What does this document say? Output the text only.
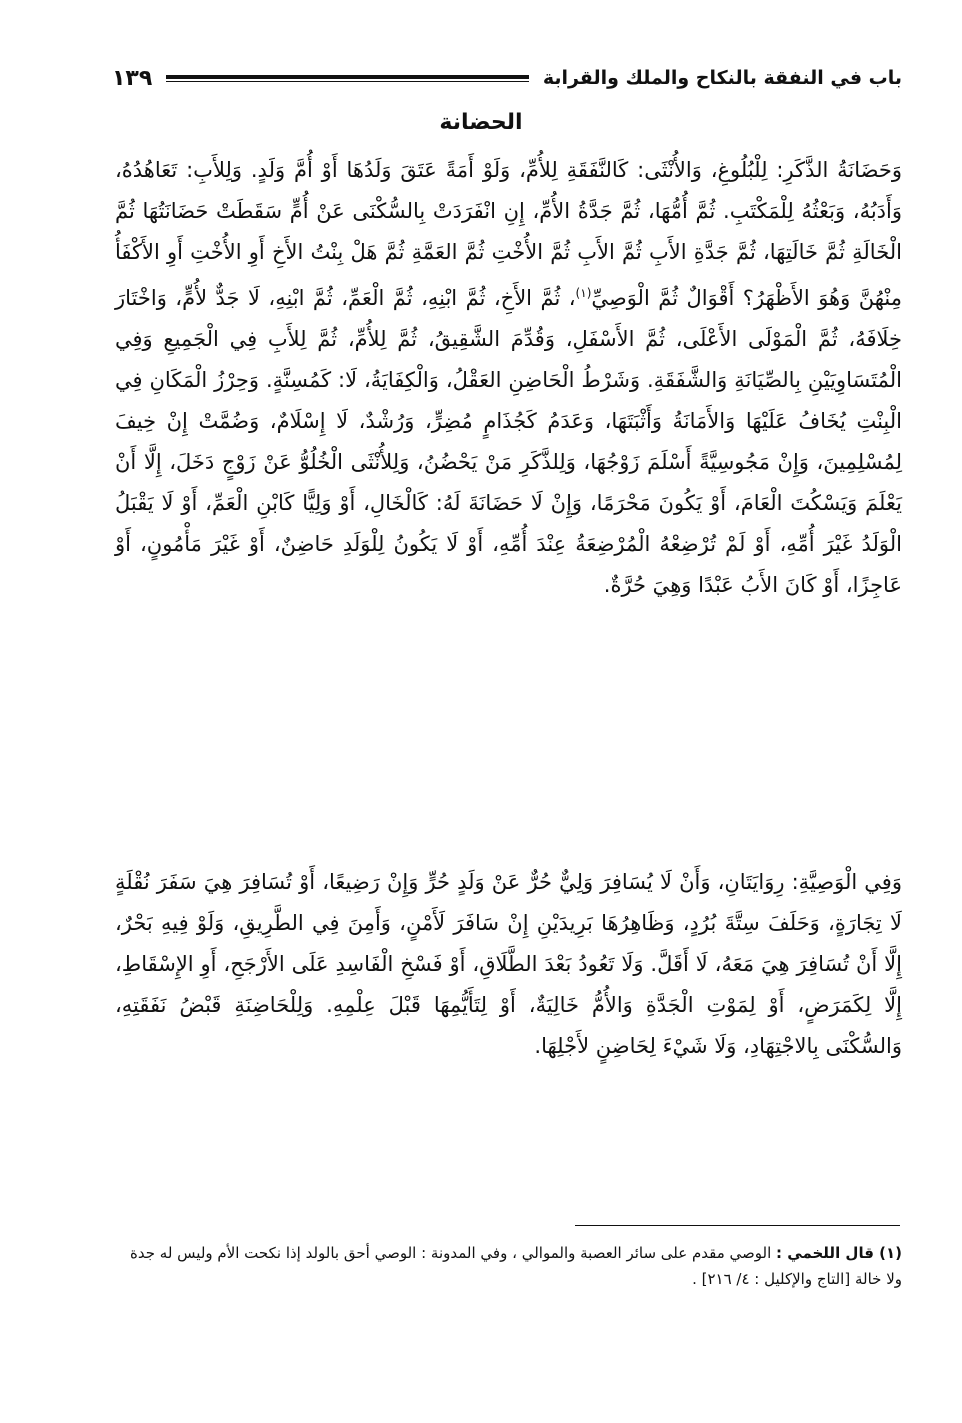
باب في النفقة بالنكاح والملك والقرابة
١٣٩
الحضانة

وَحَضَانَةُ الذَّكَرِ: لِلْبُلُوغِ، وَالأُنْثَى: كَالنَّفَقَةِ لِلأُمِّ، وَلَوْ أَمَةً عَتَقَ وَلَدُهَا أَوْ أُمَّ وَلَدٍ. وَلِلأَبِ: تَعَاهُدُهُ، وَأَدَبُهُ، وَبَعْثُهُ لِلْمَكْتَبِ. ثُمَّ أُمُّهَا، ثُمَّ جَدَّةُ الأُمِّ، إِنِ انْفَرَدَتْ بِالسُّكْنَى عَنْ أُمٍّ سَقَطَتْ حَضَانَتُهَا ثُمَّ الْخَالَةِ ثُمَّ خَالَتِهَا، ثُمَّ جَدَّةِ الأَبِ ثُمَّ الأَبِ ثُمَّ الأُخْتِ ثُمَّ العَمَّةِ ثُمَّ هَلْ بِنْتُ الأَخِ أَوِ الأُخْتِ أَوِ الأَكْفَأُ مِنْهُنَّ وَهُوَ الأَظْهَرُ؟ أَقْوَالٌ ثُمَّ الْوَصِيِّ$^{(١)}$، ثُمَّ الأَخِ، ثُمَّ ابْنِهِ، ثُمَّ الْعَمِّ، ثُمَّ ابْنِهِ، لَا جَدٌّ لأُمٍّ، وَاخْتَارَ خِلَافَهُ، ثُمَّ الْمَوْلَى الأَعْلَى، ثُمَّ الأَسْفَلِ، وَقُدِّمَ الشَّقِيقُ، ثُمَّ لِلأُمِّ، ثُمَّ لِلأَبِ فِي الْجَمِيعِ وَفِي الْمُتَسَاوِيَيْنِ بِالصِّيَانَةِ وَالشَّفَقَةِ. وَشَرْطُ الْحَاضِنِ العَقْلُ، وَالْكِفَايَةُ، لَا: كَمُسِنَّةٍ. وَحِرْزُ الْمَكَانِ فِي الْبِنْتِ يُخَافُ عَلَيْهَا وَالأَمَانَةُ وَأَثْبَتَهَا، وَعَدَمُ كَجُذَامٍ مُضِرٍّ، وَرُشْدٌ، لَا إِسْلَامٌ، وَضُمَّتْ إِنْ خِيفَ لِمُسْلِمِينَ، وَإِنْ مَجُوسِيَّةً أَسْلَمَ زَوْجُهَا، وَلِلذَّكَرِ مَنْ يَحْضُنُ، وَلِلأُنْثَى الْخُلُوُّ عَنْ زَوْجٍ دَخَلَ، إِلَّا أَنْ يَعْلَمَ وَيَسْكُتَ الْعَامَ، أَوْ يَكُونَ مَحْرَمًا، وَإِنْ لَا حَضَانَةَ لَهُ: كَالْخَالِ، أَوْ وَلِيًّا كَابْنِ الْعَمِّ، أَوْ لَا يَقْبَلُ الْوَلَدُ غَيْرَ أُمِّهِ، أَوْ لَمْ تُرْضِعْهُ الْمُرْضِعَةُ عِنْدَ أُمِّهِ، أَوْ لَا يَكُونُ لِلْوَلَدِ حَاضِنٌ، أَوْ غَيْرَ مَأْمُونٍ، أَوْ عَاجِزًا، أَوْ كَانَ الأَبُ عَبْدًا وَهِيَ حُرَّةٌ.

وَفِي الْوَصِيَّةِ: رِوَايَتَانِ، وَأَنْ لَا يُسَافِرَ وَلِيٌّ حُرٌّ عَنْ وَلَدٍ حُرٍّ وَإِنْ رَضِيعًا، أَوْ تُسَافِرَ هِيَ سَفَرَ نُقْلَةٍ لَا تِجَارَةٍ، وَحَلَفَ سِتَّةَ بُرُدٍ، وَظَاهِرُهَا بَرِيدَيْنِ إِنْ سَافَرَ لَأَمْنٍ، وَأَمِنَ فِي الطَّرِيقِ، وَلَوْ فِيهِ بَحْرٌ، إِلَّا أَنْ تُسَافِرَ هِيَ مَعَهُ، لَا أَقَلَّ. وَلَا تَعُودُ بَعْدَ الطَّلَاقِ، أَوْ فَسْخِ الْفَاسِدِ عَلَى الأَرْجَحِ، أَوِ الإِسْقَاطِ، إِلَّا لِكَمَرَضٍ، أَوْ لِمَوْتِ الْجَدَّةِ وَالأُمُّ خَالِيَةٌ، أَوْ لِتَأَيُّمِهَا قَبْلَ عِلْمِهِ. وَلِلْحَاضِنَةِ قَبْضُ نَفَقَتِهِ، وَالسُّكْنَى بِالاجْتِهَادِ، وَلَا شَيْءَ لِحَاضِنٍ لأَجْلِهَا.

(١) قال اللخمي : الوصي مقدم على سائر العصبة والموالي ، وفي المدونة : الوصي أحق بالولد إذا نكحت الأم وليس له جدة ولا خالة [التاج والإكليل : ٤/ ٢١٦] .
